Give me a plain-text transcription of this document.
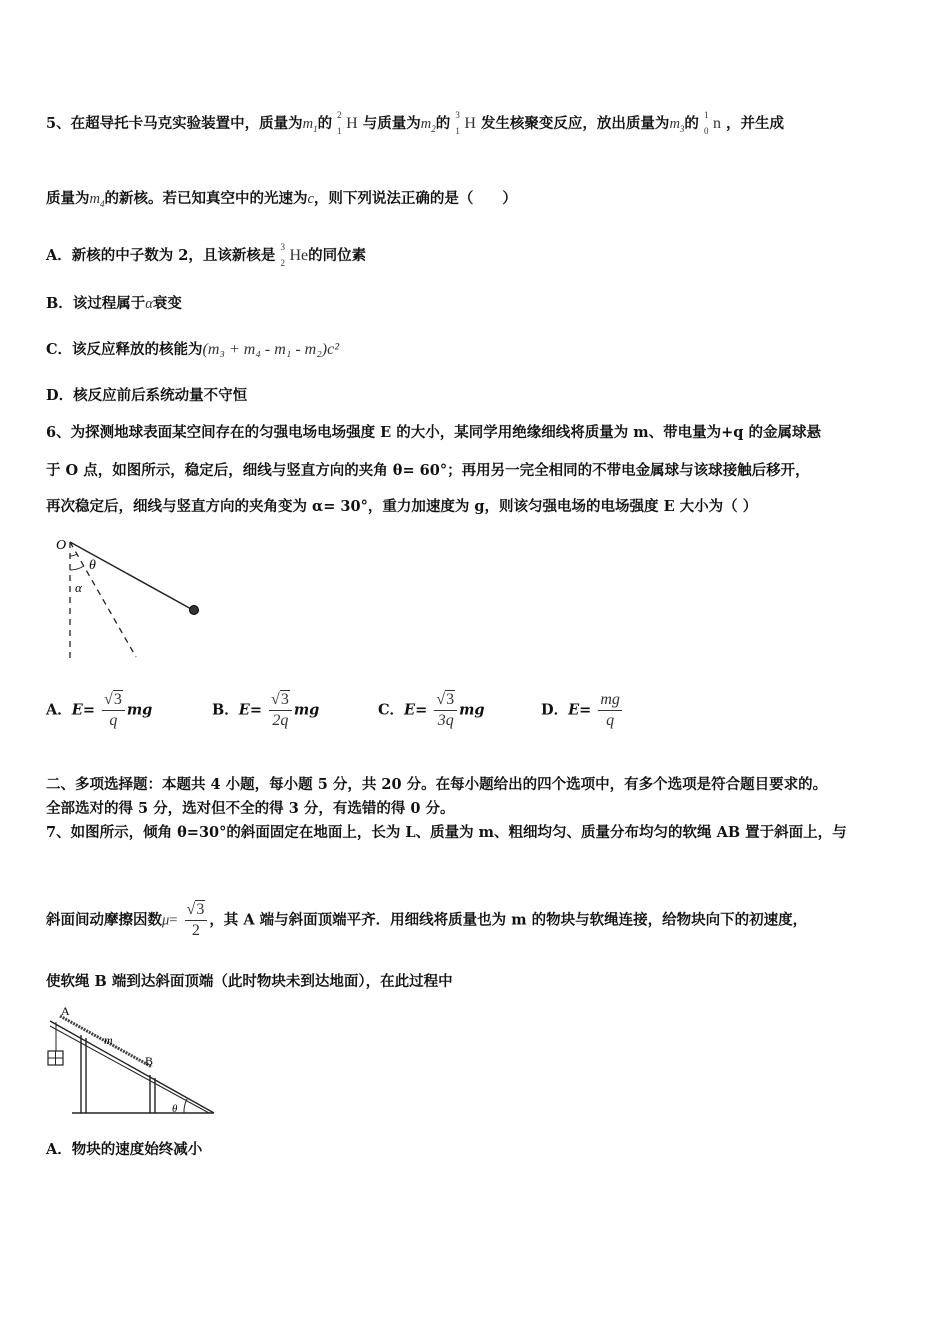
5、在超导托卡马克实验装置中，质量为$m_1$的 2
1 H 与质量为$m_2$的 3
1 H 发生核聚变反应，放出质量为$m_3$的 1
0 n ，并生成
质量为$m_4$的新核。若已知真空中的光速为c，则下列说法正确的是（　　）
A．新核的中子数为 2，且该新核是 3
2 He的同位素
B．该过程属于α衰变
C．该反应释放的核能为(m₃ + m₄ - m₁ - m₂)c²
D．核反应前后系统动量不守恒
6、为探测地球表面某空间存在的匀强电场电场强度 E 的大小，某同学用绝缘细线将质量为 m、带电量为+q 的金属球悬
于 O 点，如图所示，稳定后，细线与竖直方向的夹角 θ= 60°；再用另一完全相同的不带电金属球与该球接触后移开，
再次稳定后，细线与竖直方向的夹角变为 α= 30°，重力加速度为 g，则该匀强电场的电场强度 E 大小为（ ）
O
θ
α
A．$E= \frac{√3}{q}$ mg	B．$E= \frac{√3}{2q}$ mg	C．$E= \frac{√3}{3q}$ mg	D．$E= \frac{mg}{q}$
二、多项选择题：本题共 4 小题，每小题 5 分，共 20 分。在每小题给出的四个选项中，有多个选项是符合题目要求的。
全部选对的得 5 分，选对但不全的得 3 分，有选错的得 0 分。
7、如图所示，倾角 θ=30°的斜面固定在地面上，长为 L、质量为 m、粗细均匀、质量分布均匀的软绳 AB 置于斜面上，与
斜面间动摩擦因数$\mu= \frac{√3}{2}$ ，其 A 端与斜面顶端平齐．用细线将质量也为 m 的物块与软绳连接，给物块向下的初速度，
使软绳 B 端到达斜面顶端（此时物块未到达地面），在此过程中
A
B
m
θ
A．物块的速度始终减小
